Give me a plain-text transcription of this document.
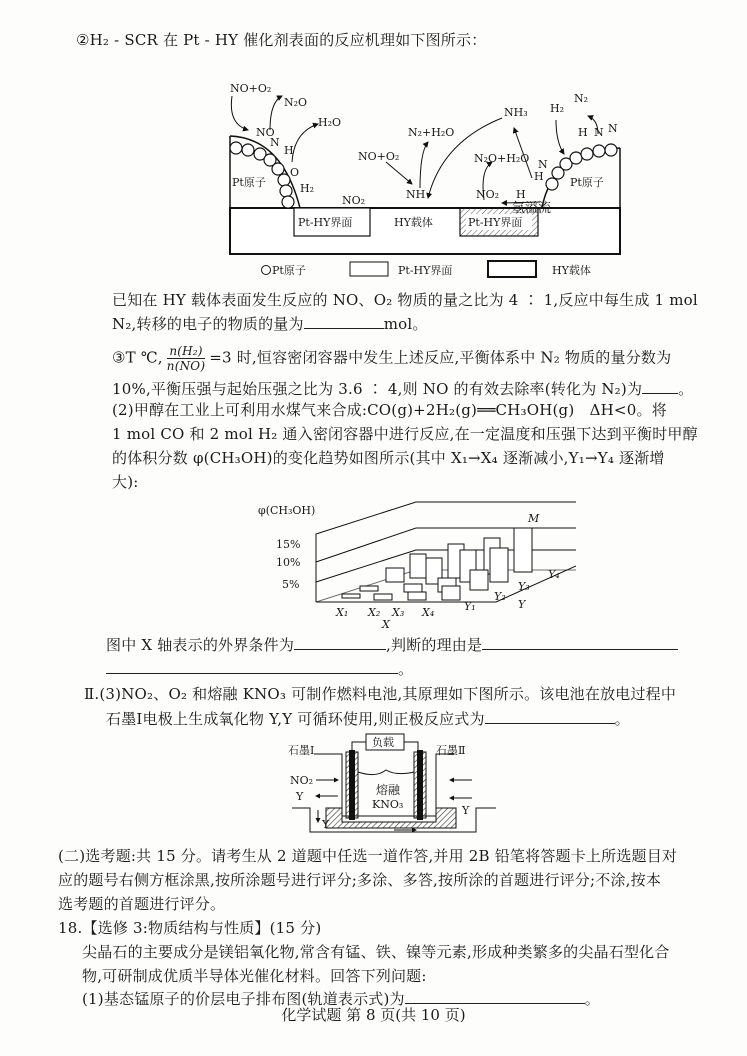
②H₂ - SCR 在 Pt - HY 催化剂表面的反应机理如下图所示：
NO+O₂
N₂O
H₂O
NO
N
H
O
H₂
Pt原子
NO₂
N₂+H₂O
NO+O₂
NH
NH₃
N₂O+H₂O
NO₂ H
氢溢流
H₂
N₂
H N N
N
H Pt原子
Pt-HY界面	HY载体	Pt-HY界面
Pt原子	Pt-HY界面	HY载体
已知在 HY 载体表面发生反应的 NO、O₂ 物质的量之比为 4 ∶ 1,反应中每生成 1 mol
N₂,转移的电子的物质的量为	mol。
③T ℃, $\frac{\text{n(H₂)}}{n(NO)} =3$ 时,恒容密闭容器中发生上述反应,平衡体系中 N₂ 物质的量分数为
10%,平衡压强与起始压强之比为 3.6 ∶ 4,则 NO 的有效去除率(转化为 N₂)为 。
(2)甲醇在工业上可利用水煤气来合成:CO(g)+2H₂(g)══CH₃OH(g)　ΔH<0。将
1 mol CO 和 2 mol H₂ 通入密闭容器中进行反应,在一定温度和压强下达到平衡时甲醇
的体积分数 φ(CH₃OH)的变化趋势如图所示(其中 X₁→X₄ 逐渐减小,Y₁→Y₄ 逐渐增
大):
φ(CH₃OH)
15%
10%
5%
M
X₁ X₂ X₃ X₄
X
Y₁
Y₂
Y₃
Y₄
Y
图中 X 轴表示的外界条件为	,判断的理由是
。
Ⅱ.(3)NO₂、O₂ 和熔融 KNO₃ 可制作燃料电池,其原理如下图所示。该电池在放电过程中
石墨Ⅰ电极上生成氧化物 Y,Y 可循环使用,则正极反应式为	。
负载
石墨Ⅰ	石墨Ⅱ
NO₂
Y
Y
Y
熔融
KNO₃
(二)选考题:共 15 分。请考生从 2 道题中任选一道作答,并用 2B 铅笔将答题卡上所选题目对
应的题号右侧方框涂黑,按所涂题号进行评分;多涂、多答,按所涂的首题进行评分;不涂,按本
选考题的首题进行评分。
18.【选修 3:物质结构与性质】(15 分)
尖晶石的主要成分是镁铝氧化物,常含有锰、铁、镍等元素,形成种类繁多的尖晶石型化合
物,可研制成优质半导体光催化材料。回答下列问题:
(1)基态锰原子的价层电子排布图(轨道表示式)为	。
化学试题 第 8 页(共 10 页)
